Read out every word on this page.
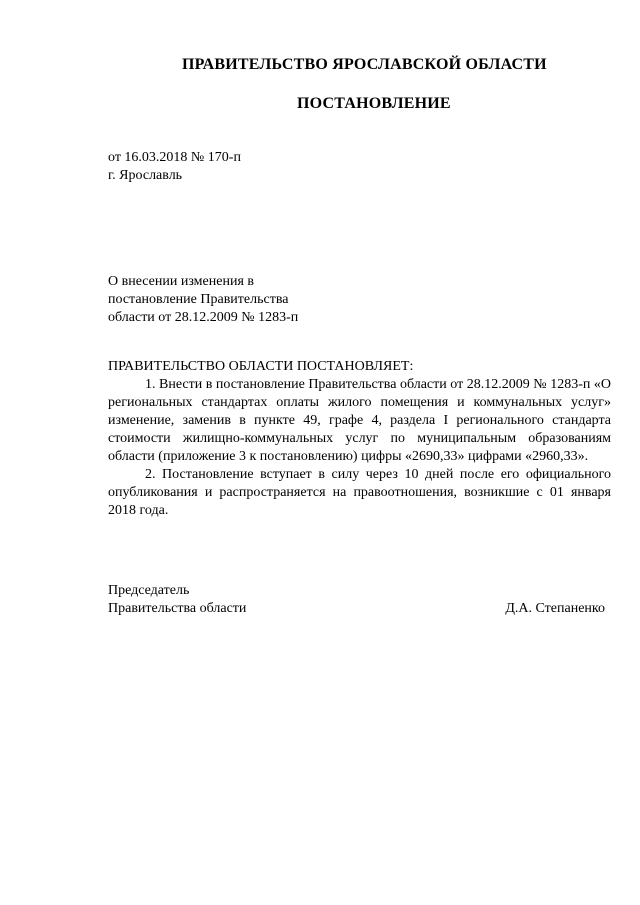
ПРАВИТЕЛЬСТВО ЯРОСЛАВСКОЙ ОБЛАСТИ
ПОСТАНОВЛЕНИЕ
от 16.03.2018 № 170-п
г. Ярославль
О внесении изменения в
постановление Правительства
области от 28.12.2009 № 1283-п
ПРАВИТЕЛЬСТВО ОБЛАСТИ ПОСТАНОВЛЯЕТ:

1. Внести в постановление Правительства области от 28.12.2009 № 1283-п «О региональных стандартах оплаты жилого помещения и коммунальных услуг» изменение, заменив в пункте 49, графе 4, раздела I регионального стандарта стоимости жилищно-коммунальных услуг по муниципальным образованиям области (приложение 3 к постановлению) цифры «2690,33» цифрами «2960,33».

2. Постановление вступает в силу через 10 дней после его официального опубликования и распространяется на правоотношения, возникшие с 01 января 2018 года.

Председатель
Правительства области	Д.А. Степаненко
